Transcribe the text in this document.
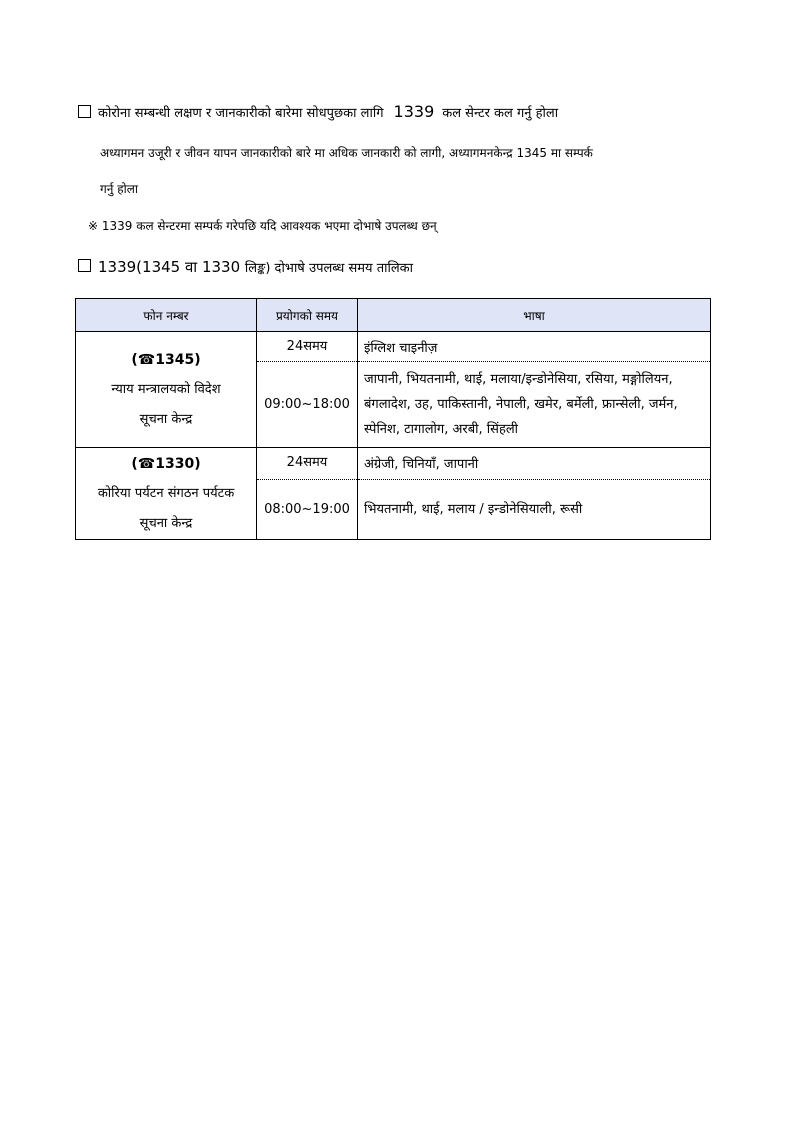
कोरोना सम्बन्धी लक्षण र जानकारीको बारेमा सोधपुछका लागि 1339 कल सेन्टर कल गर्नु होला
अध्यागमन उजूरी र जीवन यापन जानकारीको बारे मा अधिक जानकारी को लागी, अध्यागमनकेन्द्र 1345 मा सम्पर्क
गर्नु होला
※ 1339 कल सेन्टरमा सम्पर्क गरेपछि यदि आवश्यक भएमा दोभाषे उपलब्ध छन्
1339(1345 वा 1330 लिङ्क) दोभाषे उपलब्ध समय तालिका
फोन नम्बर	प्रयोगको समय	भाषा

(☎1345)
न्याय मन्त्रालयको विदेश
सूचना केन्द्र	24समय	इंग्लिश चाइनीज़
	09:00~18:00	जापानी, भियतनामी, थाई, मलाया/इन्डोनेसिया, रसिया, मङ्गोलियन, बंगलादेश, उह, पाकिस्तानी, नेपाली, खमेर, बर्मेली, फ्रान्सेली, जर्मन, स्पेनिश, टागालोग, अरबी, सिंहली

(☎1330)
कोरिया पर्यटन संगठन पर्यटक
सूचना केन्द्र	24समय	अंग्रेजी, चिनियाँ, जापानी
	08:00~19:00	भियतनामी, थाई, मलाय / इन्डोनेसियाली, रूसी
